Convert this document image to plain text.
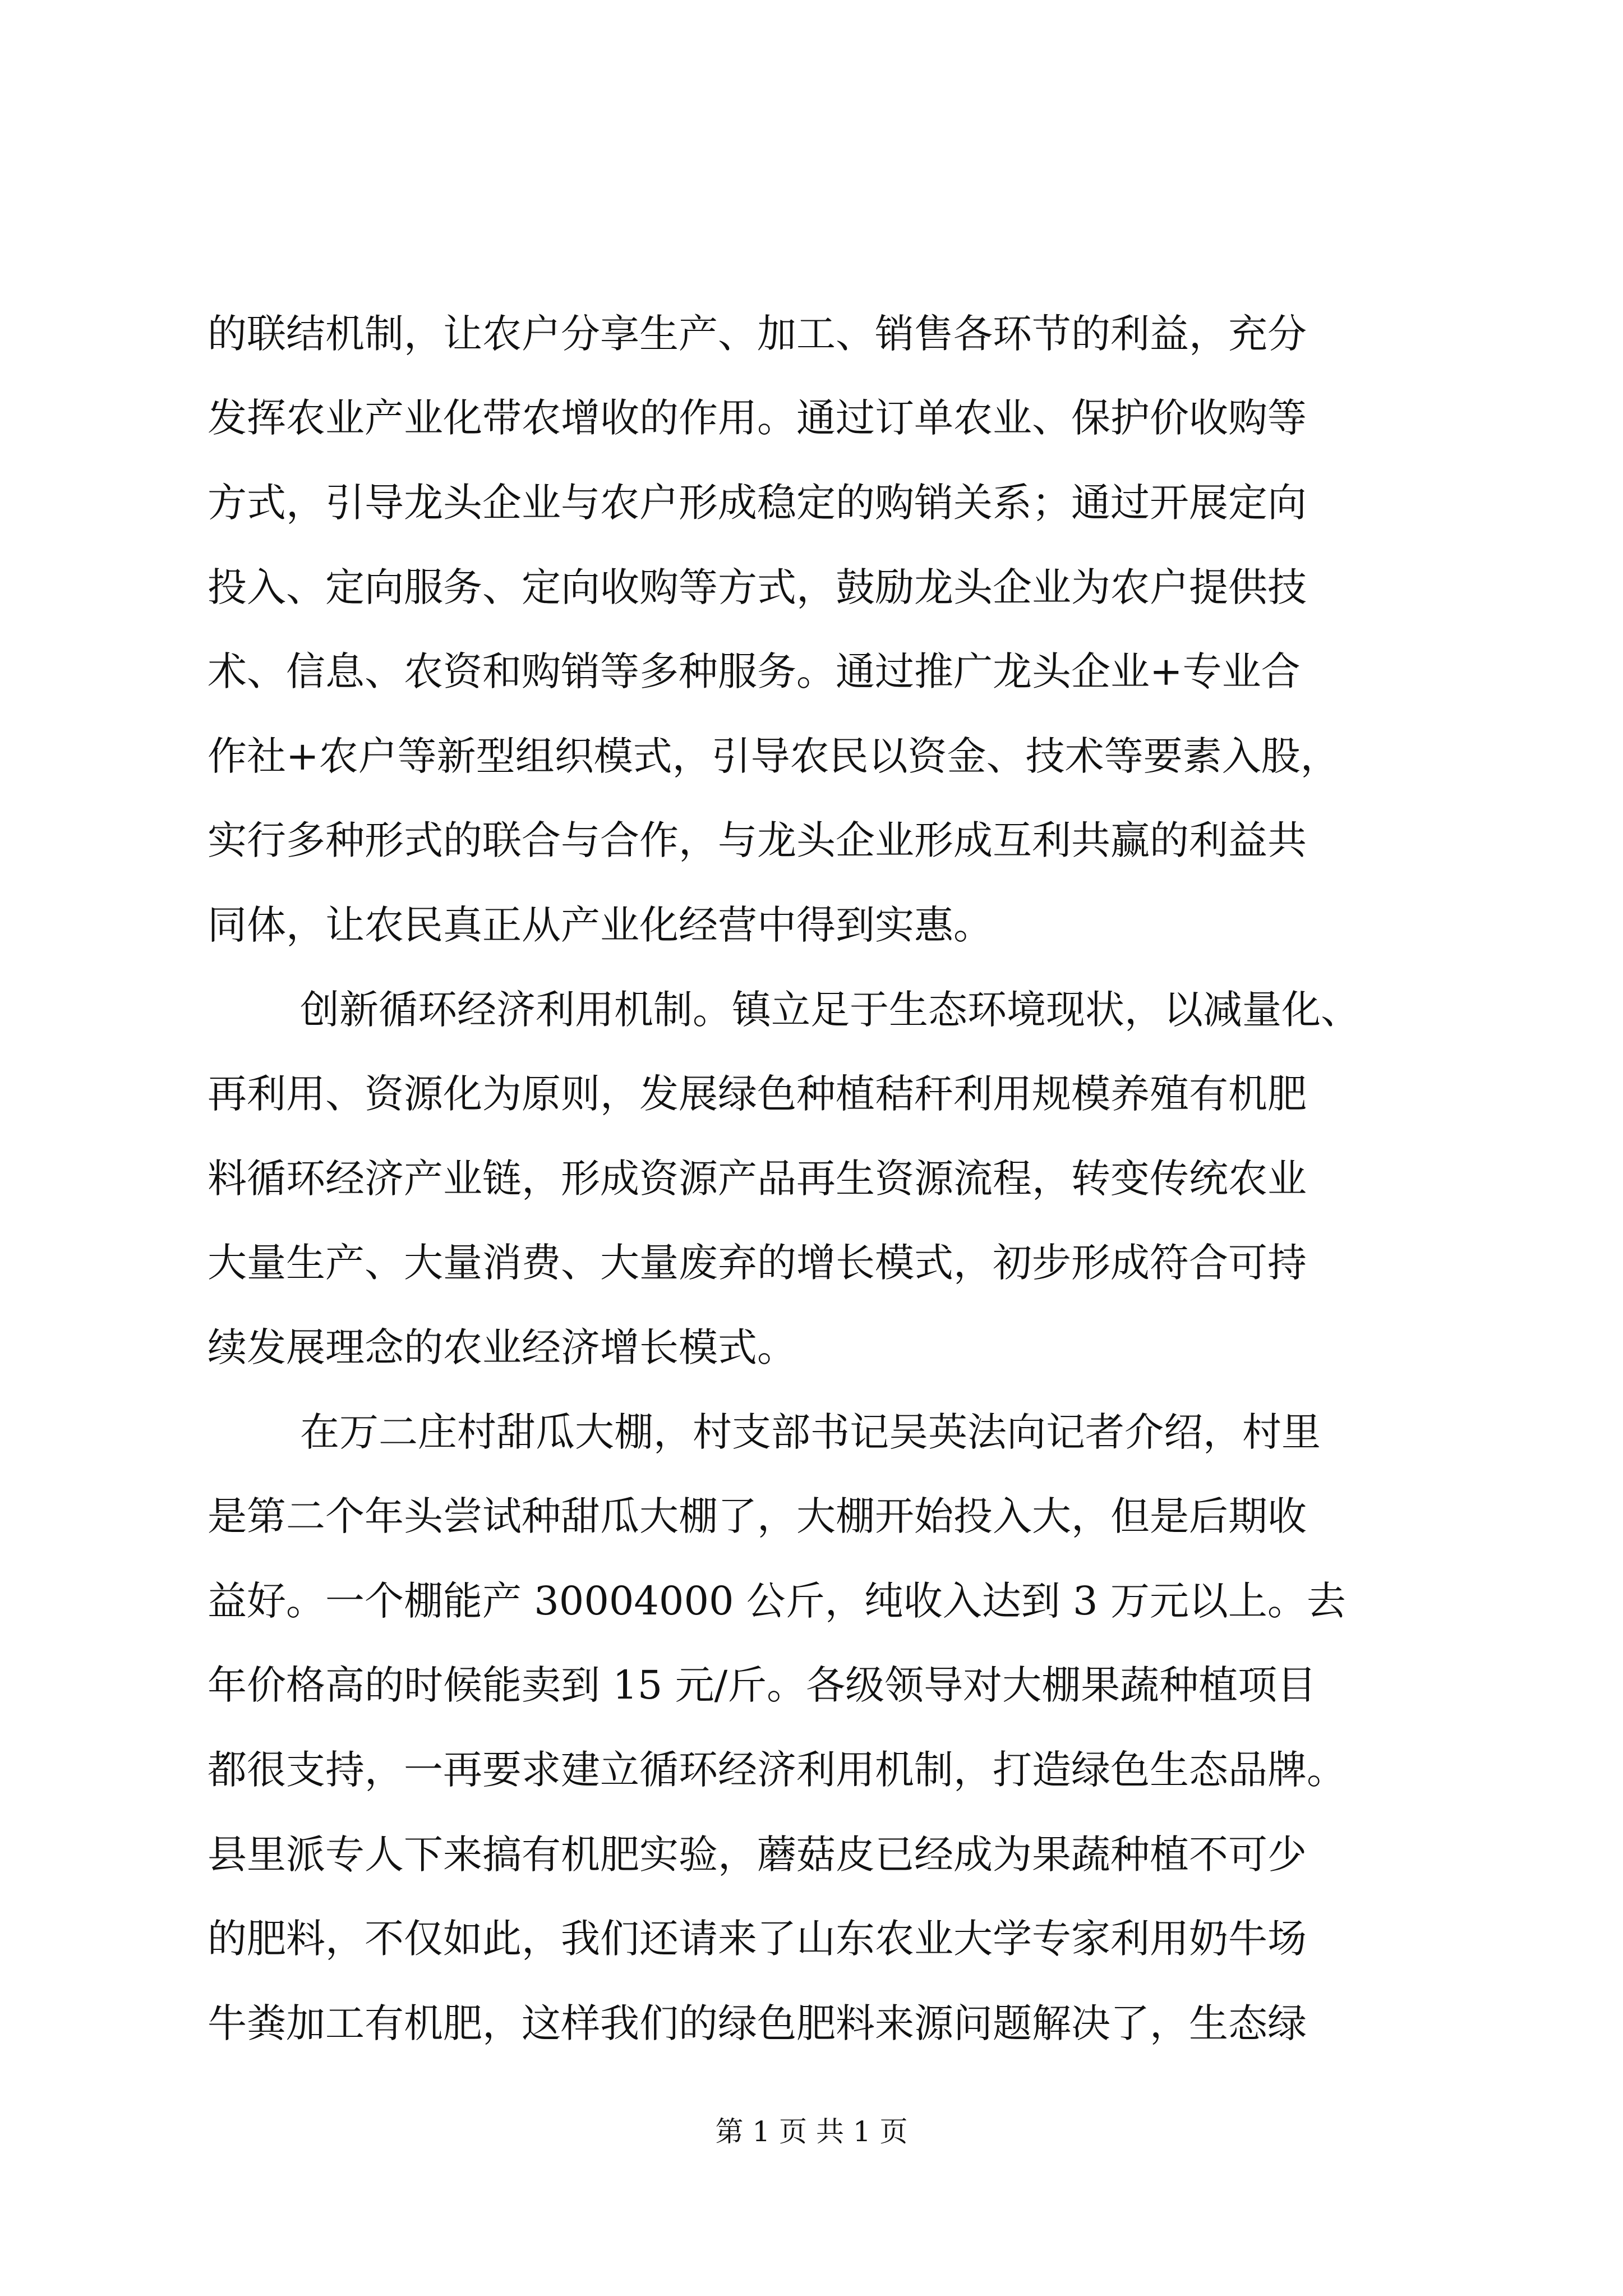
的联结机制，让农户分享生产、加工、销售各环节的利益，充分
发挥农业产业化带农增收的作用。通过订单农业、保护价收购等
方式，引导龙头企业与农户形成稳定的购销关系；通过开展定向
投入、定向服务、定向收购等方式，鼓励龙头企业为农户提供技
术、信息、农资和购销等多种服务。通过推广龙头企业+专业合
作社+农户等新型组织模式，引导农民以资金、技术等要素入股，
实行多种形式的联合与合作，与龙头企业形成互利共赢的利益共
同体，让农民真正从产业化经营中得到实惠。
创新循环经济利用机制。镇立足于生态环境现状，以减量化、
再利用、资源化为原则，发展绿色种植秸秆利用规模养殖有机肥
料循环经济产业链，形成资源产品再生资源流程，转变传统农业
大量生产、大量消费、大量废弃的增长模式，初步形成符合可持
续发展理念的农业经济增长模式。
在万二庄村甜瓜大棚，村支部书记吴英法向记者介绍，村里
是第二个年头尝试种甜瓜大棚了，大棚开始投入大，但是后期收
益好。一个棚能产 30004000 公斤，纯收入达到 3 万元以上。去
年价格高的时候能卖到 15 元/斤。各级领导对大棚果蔬种植项目
都很支持，一再要求建立循环经济利用机制，打造绿色生态品牌。
县里派专人下来搞有机肥实验，蘑菇皮已经成为果蔬种植不可少
的肥料，不仅如此，我们还请来了山东农业大学专家利用奶牛场
牛粪加工有机肥，这样我们的绿色肥料来源问题解决了，生态绿
第 1 页 共 1 页
